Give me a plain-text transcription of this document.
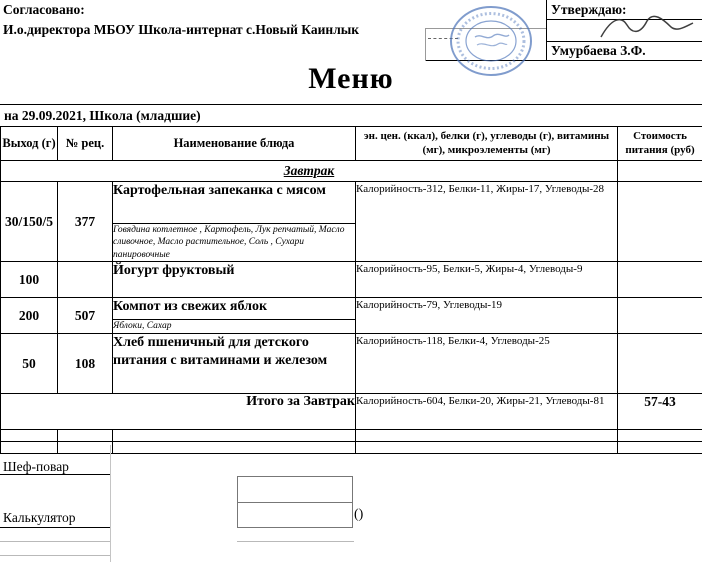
Согласовано:
И.о.директора МБОУ Школа-интернат с.Новый Каинлык
Утверждаю:
Умурбаева З.Ф.
Меню
на 29.09.2021, Школа (младшие)
Выход (г)	№ рец.	Наименование блюда	эн. цен. (ккал), белки (г), углеводы (г), витамины (мг), микроэлементы (мг)	Стоимость питания (руб)
Завтрак				
30/150/5	377	Картофельная запеканка с мясом	Калорийность-312, Белки-11, Жиры-17, Углеводы-28	
		Говядина котлетное , Картофель, Лук репчатый, Масло сливочное, Масло растительное, Соль , Сухари панировочные		
100		Йогурт фруктовый	Калорийность-95, Белки-5, Жиры-4, Углеводы-9	
200	507	Компот из свежих яблок	Калорийность-79, Углеводы-19	
		Яблоки, Сахар		
50	108	Хлеб пшеничный для детского питания с витаминами и железом	Калорийность-118, Белки-4, Углеводы-25	
Итого за Завтрак			Калорийность-604, Белки-20, Жиры-21, Углеводы-81	57-43

Шеф-повар
Калькулятор	()
